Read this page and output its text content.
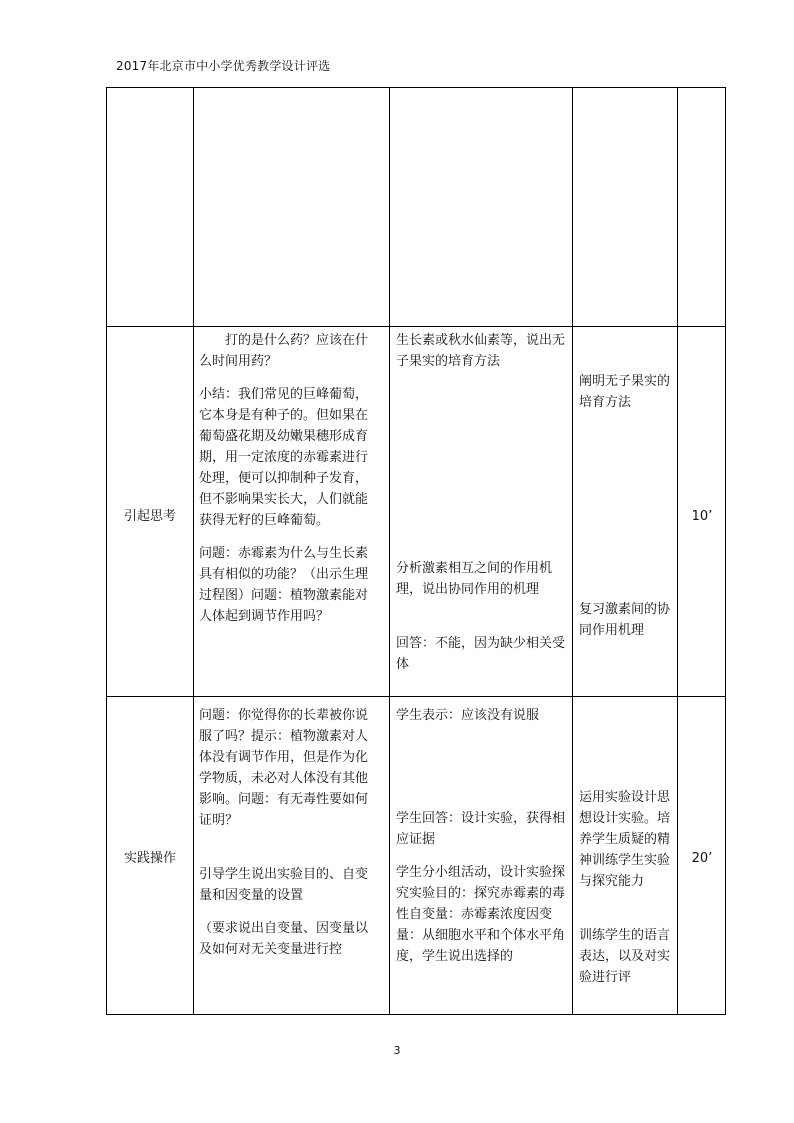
2017年北京市中小学优秀教学设计评选
引起思考

　　打的是什么药？应该在什么时间用药？

小结：我们常见的巨峰葡萄，它本身是有种子的。但如果在葡萄盛花期及幼嫩果穗形成育期，用一定浓度的赤霉素进行处理，便可以抑制种子发育，但不影响果实长大，人们就能获得无籽的巨峰葡萄。

问题：赤霉素为什么与生长素具有相似的功能？（出示生理过程图）问题：植物激素能对人体起到调节作用吗？

生长素或秋水仙素等，说出无子果实的培育方法

分析激素相互之间的作用机理，说出协同作用的机理

回答：不能，因为缺少相关受体

阐明无子果实的培育方法

复习激素间的协同作用机理

10’
实践操作

问题：你觉得你的长辈被你说服了吗？提示：植物激素对人体没有调节作用，但是作为化学物质，未必对人体没有其他影响。问题：有无毒性要如何证明？

引导学生说出实验目的、自变量和因变量的设置

（要求说出自变量、因变量以及如何对无关变量进行控

学生表示：应该没有说服

学生回答：设计实验，获得相应证据

学生分小组活动，设计实验探究实验目的：探究赤霉素的毒性自变量：赤霉素浓度因变量：从细胞水平和个体水平角度，学生说出选择的

运用实验设计思想设计实验。培养学生质疑的精神训练学生实验与探究能力

训练学生的语言表达，以及对实验进行评

20’
3
